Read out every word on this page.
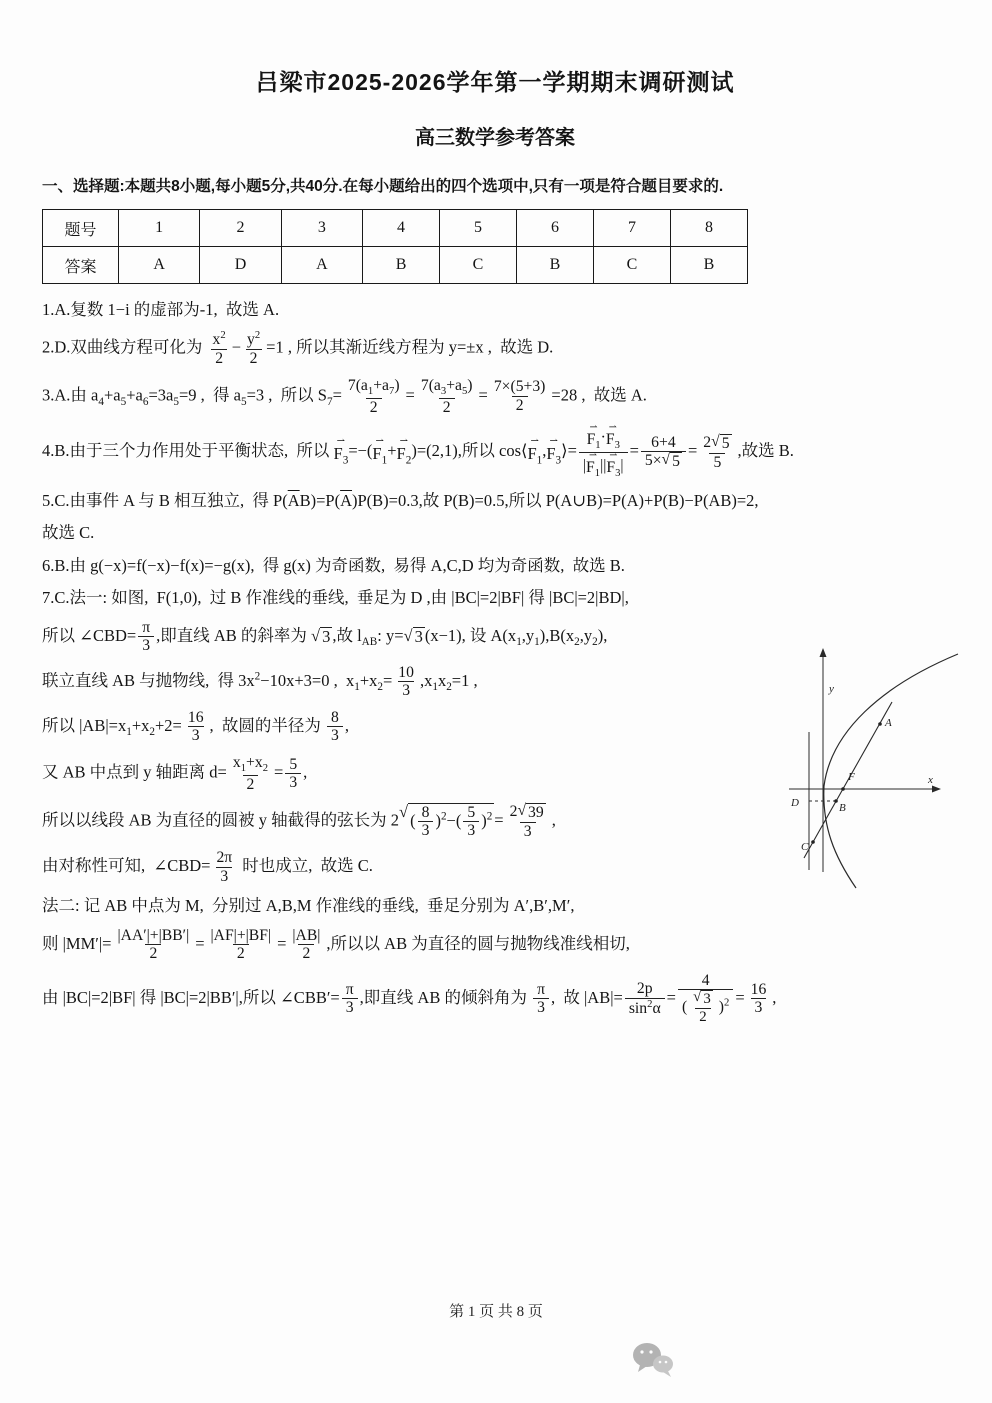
吕梁市2025-2026学年第一学期期末调研测试
高三数学参考答案
一、选择题:本题共8小题,每小题5分,共40分.在每小题给出的四个选项中,只有一项是符合题目要求的.
题号	1	2	3	4	5	6	7	8
答案	A	D	A	B	C	B	C	B
1.A.复数 1−i 的虚部为-1,  故选 A.
2.D.双曲线方程可化为 $\frac{x^2}{2} - \frac{y^2}{2} =1$ , 所以其渐近线方程为 y=±x ,  故选 D.
3.A.由 $a_4+a_5+a_6=3a_5=9$ ,  得 $a_5=3$ ,  所以 $S_7= \frac{7(a_1+a_7)}{2} = \frac{7(a_3+a_5)}{2} = \frac{7\times(5+3)}{2} =28$ ,  故选 A.
4.B.由于三个力作用处于平衡状态,  所以
⇀
$F_3$ =−(
⇀
$F_1$ +
⇀
$F_2$ )=(2,1),所以 cos⟨
⇀
$F_1$ ,
⇀
$F_3$ ⟩= ⇀
$F_1$ ·
⇀
$F_3$
|
⇀
$F_1$ ||
⇀
$F_3$ | = $\frac{6+4}{5\times √ 5} = \frac{2 √ 5}{5}$ ,故选 B.
5.C.由事件 A 与 B 相互独立,  得 $P(\overline{A}B)=P(\overline{A})P(B)=0.3$,故 P(B)=0.5,所以 P(A∪B)=P(A)+P(B)−P(AB)=2,
故选 C.
6.B.由 g(−x)=f(−x)−f(x)=−g(x),  得 g(x) 为奇函数,  易得 A,C,D 均为奇函数,  故选 B.
7.C.法一: 如图,  F(1,0),  过 B 作准线的垂线,  垂足为 D ,由 |BC|=2|BF| 得 |BC|=2|BD|,
所以 ∠CBD= $\frac{\pi}{3}$ ,即直线 AB 的斜率为 √ 3 ,故 $l_{AB}$: y= √ 3 (x−1), 设 $A(x_1,y_1),B(x_2,y_2)$,
联立直线 AB 与抛物线,  得 $3x^2-10x+3=0$ ,  $x_1+x_2= \frac{10}{3} ,x_1x_2=1$ ,
所以 $|AB|=x_1+x_2+2= \frac{16}{3}$ ,  故圆的半径为 $\frac{8}{3}$ ,
又 AB 中点到 y 轴距离 $d= \frac{x_1+x_2}{2} = \frac{5}{3}$ ,
所以以线段 AB 为直径的圆被 y 轴截得的弦长为 2 √ ( $\frac{8}{3} )^2-( \frac{5}{3} )^2 = \frac{2 √ 39}{3}$ ,
由对称性可知,  ∠CBD= $\frac{2\pi}{3}$ 时也成立,  故选 C.
法二: 记 AB 中点为 M,  分别过 A,B,M 作准线的垂线,  垂足分别为 A′,B′,M′,
则 $|MM'|= \frac{|AA'|+|BB'|}{2} = \frac{|AF|+|BF|}{2} = \frac{|AB|}{2}$ ,所以以 AB 为直径的圆与抛物线准线相切,
由 |BC|=2|BF| 得 |BC|=2|BB′|,所以 ∠CBB′= $\frac{\pi}{3}$ ,即直线 AB 的倾斜角为 $\frac{\pi}{3}$ ,  故 $|AB|= \frac{2p}{\sin^2\alpha} = \frac{4}{( \frac{√ 3}{2} )^2} = \frac{16}{3}$ ,
y
x
A
F
B
C
D
第 1 页 共 8 页
